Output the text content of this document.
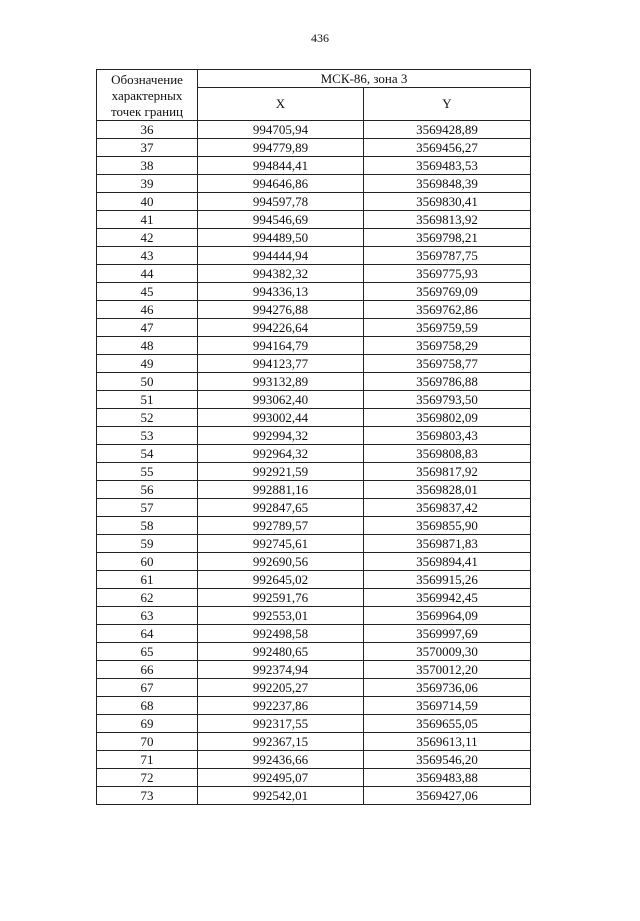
436
Обозначение характерных точек границ	МСК-86, зона 3	
	X	Y
36	994705,94	3569428,89
37	994779,89	3569456,27
38	994844,41	3569483,53
39	994646,86	3569848,39
40	994597,78	3569830,41
41	994546,69	3569813,92
42	994489,50	3569798,21
43	994444,94	3569787,75
44	994382,32	3569775,93
45	994336,13	3569769,09
46	994276,88	3569762,86
47	994226,64	3569759,59
48	994164,79	3569758,29
49	994123,77	3569758,77
50	993132,89	3569786,88
51	993062,40	3569793,50
52	993002,44	3569802,09
53	992994,32	3569803,43
54	992964,32	3569808,83
55	992921,59	3569817,92
56	992881,16	3569828,01
57	992847,65	3569837,42
58	992789,57	3569855,90
59	992745,61	3569871,83
60	992690,56	3569894,41
61	992645,02	3569915,26
62	992591,76	3569942,45
63	992553,01	3569964,09
64	992498,58	3569997,69
65	992480,65	3570009,30
66	992374,94	3570012,20
67	992205,27	3569736,06
68	992237,86	3569714,59
69	992317,55	3569655,05
70	992367,15	3569613,11
71	992436,66	3569546,20
72	992495,07	3569483,88
73	992542,01	3569427,06
